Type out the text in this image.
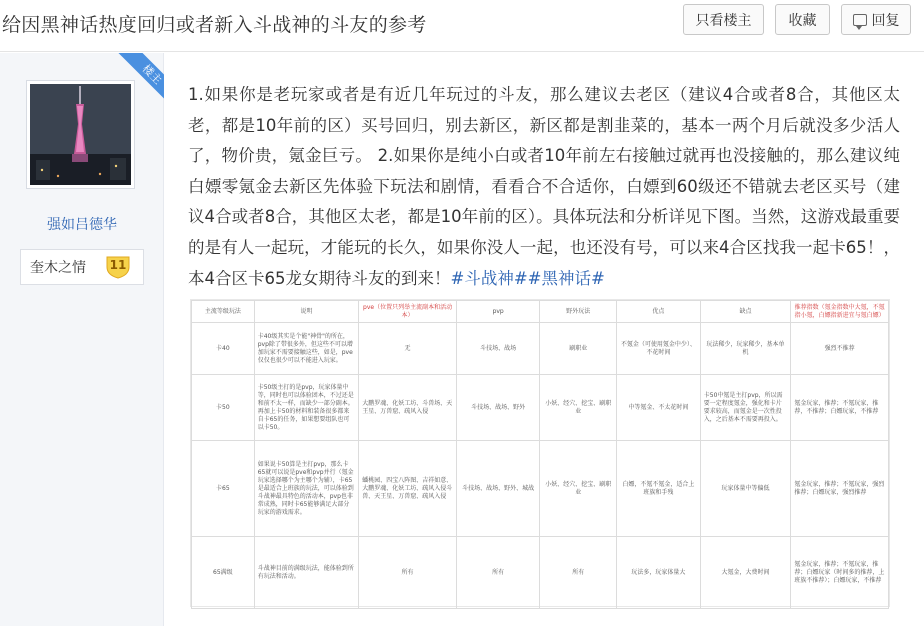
给因黑神话热度回归或者新入斗战神的斗友的参考	只看楼主	收藏	回复
强如吕德华
奎木之情	11
楼主
1.如果你是老玩家或者是有近几年玩过的斗友，那么建议去老区（建议4合或者8合，其他区太老，都是10年前的区）买号回归，别去新区，新区都是割韭菜的，基本一两个月后就没多少活人了，物价贵，氪金巨亏。 2.如果你是纯小白或者10年前左右接触过就再也没接触的，那么建议纯白嫖零氪金去新区先体验下玩法和剧情，看看合不合适你，白嫖到60级还不错就去老区买号（建议4合或者8合，其他区太老，都是10年前的区）。具体玩法和分析详见下图。当然，这游戏最重要的是有人一起玩，才能玩的长久，如果你没人一起，也还没有号，可以来4合区找我一起卡65！，本4合区卡65龙女期待斗友的到来！#斗战神##黑神话#
主流等级玩法	说明	pve（位置只列举主流副本和活动本）	pvp	野外玩法	优点	缺点	推荐指数（氪金指数中大氪，不氪指小氪，白嫖指新进宜与氪白嫖）
卡40	卡40级其实是个能"神骨"的所在，pvp除了带很多外，但这些不可以增加玩家不需要接触这些，如是，pve仅仅也很少可以不能进入玩家。	无	斗技场、战场	刷职业	不氪金（可使用氪金中少）、不花时间	玩法稀少，玩家稀少，基本单机	强烈不推荐
卡50	卡50级主打的是pvp，玩家体量中等，同时也可以体验团本，不过还是和前不太一样，而缺少一部分副本。再加上卡50的材料和装备很多都来自卡65的任务，如果想要组队也可以卡50。	大鹏罗魂、化妖工坊、斗兽场、天王星、万兽窟、疏风入侵	斗技场、战场、野外	小妖、经穴、挖宝、刷职业	中等氪金、不太花时间	卡50中氪是主打pvp，所以需要一定程度氪金，强化和卡片要求较高，而氪金是一次性投入，之后基本不需要再投入。	氪金玩家，推荐；不氪玩家，推荐，不推荐；白嫖玩家，不推荐
卡65	如果说卡50算是主打pvp，那么卡65就可以说是pve和pvp并行（氪金玩家选择哪个为主哪个为辅），卡65是最适合上班族的玩法，可以体验到斗战神最具特色的活动本，pvp也非常成熟，同时卡65能够满足大部分玩家的游戏需求。	蟠桃园、四宝八阵图、吉祥如意、大鹏罗魂、化妖工坊、疏风入侵斗兽、天王星、万兽窟、疏风入侵	斗技场、战场、野外、城战	小妖、经穴、挖宝、刷职业	白嫖，不氪不氪金，适合上班族和手残	玩家体量中等偏低	氪金玩家，推荐；不氪玩家，强烈推荐；白嫖玩家，强烈推荐
65满级	斗战神目前的满级玩法，能体验到所有玩法和活动。	所有	所有	所有	玩法多，玩家体量大	大氪金，大费时间	氪金玩家，推荐；不氪玩家，推荐；白嫖玩家（时间多的推荐，上班族不推荐）；白嫖玩家，不推荐
